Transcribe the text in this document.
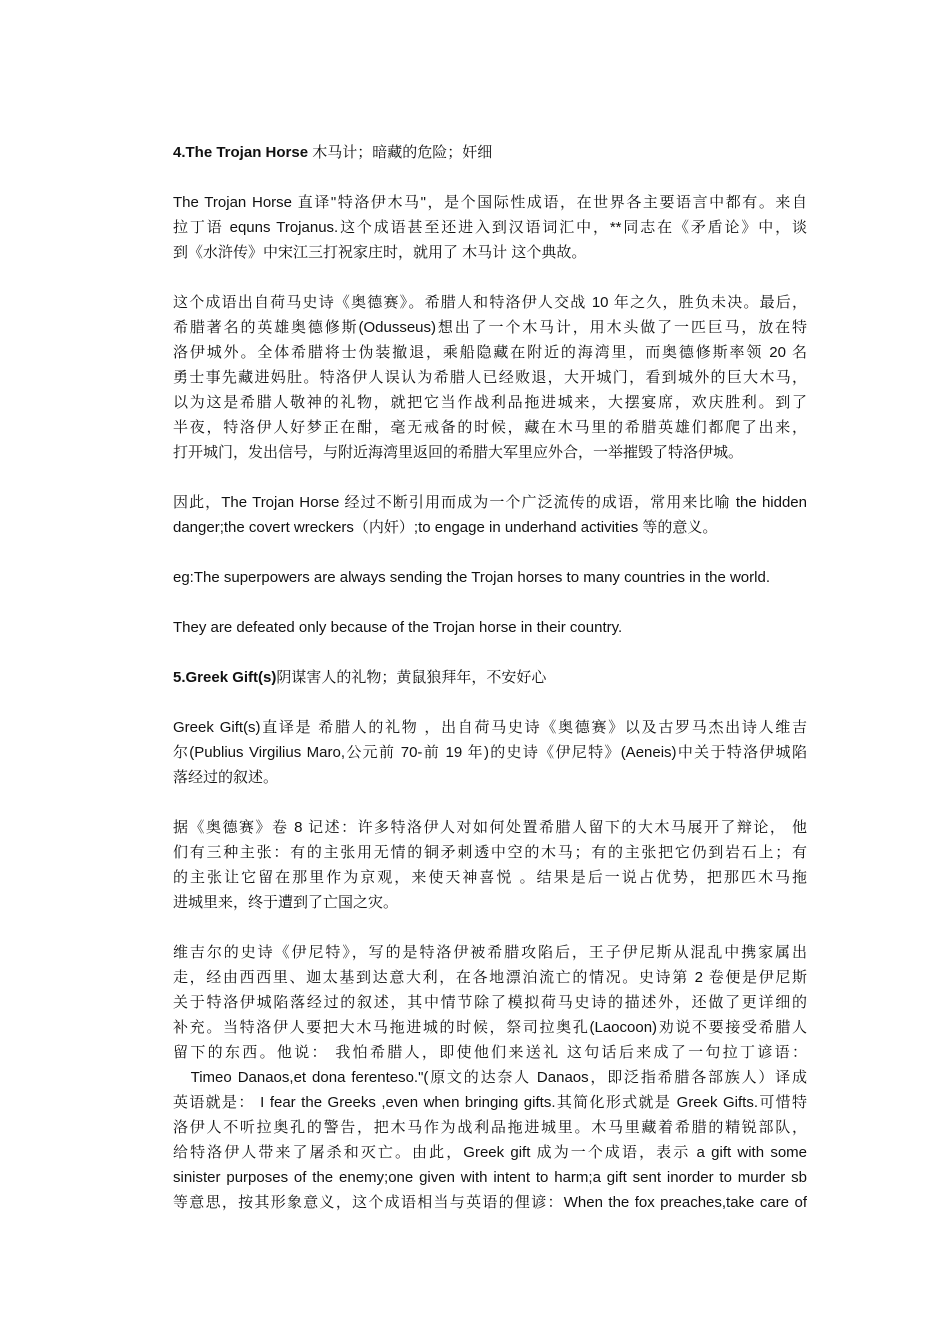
4.The Trojan Horse 木马计；暗藏的危险；奸细

The Trojan Horse 直译"特洛伊木马"，是个国际性成语，在世界各主要语言中都有。来自
拉丁语 equns Trojanus.这个成语甚至还进入到汉语词汇中，**同志在《矛盾论》中，谈
到《水浒传》中宋江三打祝家庄时，就用了 木马计 这个典故。
这个成语出自荷马史诗《奥德赛》。希腊人和特洛伊人交战 10 年之久，胜负未决。最后，
希腊著名的英雄奥德修斯(Odusseus)想出了一个木马计，用木头做了一匹巨马，放在特
洛伊城外。全体希腊将士伪装撤退，乘船隐藏在附近的海湾里，而奥德修斯率领 20 名
勇士事先藏进妈肚。特洛伊人误认为希腊人已经败退，大开城门，看到城外的巨大木马，
以为这是希腊人敬神的礼物，就把它当作战利品拖进城来，大摆宴席，欢庆胜利。到了
半夜，特洛伊人好梦正在酣，毫无戒备的时候，藏在木马里的希腊英雄们都爬了出来，
打开城门，发出信号，与附近海湾里返回的希腊大军里应外合，一举摧毁了特洛伊城。
因此，The Trojan Horse 经过不断引用而成为一个广泛流传的成语，常用来比喻 the hidden
danger;the covert wreckers（内奸）;to engage in underhand activities 等的意义。

eg:The superpowers are always sending the Trojan horses to many countries in the world.

They are defeated only because of the Trojan horse in their country.

5.Greek Gift(s)阴谋害人的礼物；黄鼠狼拜年，不安好心

Greek Gift(s)直译是 希腊人的礼物 ，出自荷马史诗《奥德赛》以及古罗马杰出诗人维吉
尔(Publius Virgilius Maro,公元前 70-前 19 年)的史诗《伊尼特》(Aeneis)中关于特洛伊城陷
落经过的叙述。
据《奥德赛》卷 8 记述：许多特洛伊人对如何处置希腊人留下的大木马展开了辩论， 他
们有三种主张：有的主张用无情的铜矛刺透中空的木马；有的主张把它仍到岩石上；有
的主张让它留在那里作为京观，来使天神喜悦 。结果是后一说占优势，把那匹木马拖
进城里来，终于遭到了亡国之灾。
维吉尔的史诗《伊尼特》，写的是特洛伊被希腊攻陷后，王子伊尼斯从混乱中携家属出
走，经由西西里、迦太基到达意大利，在各地漂泊流亡的情况。史诗第 2 卷便是伊尼斯
关于特洛伊城陷落经过的叙述，其中情节除了模拟荷马史诗的描述外，还做了更详细的
补充。当特洛伊人要把大木马拖进城的时候，祭司拉奥孔(Laocoon)劝说不要接受希腊人
留下的东西。他说： 我怕希腊人，即使他们来送礼 这句话后来成了一句拉丁谚语：
Timeo Danaos,et dona ferenteso."(原文的达奈人 Danaos，即泛指希腊各部族人）译成
英语就是： I fear the Greeks ,even when bringing gifts.其简化形式就是 Greek Gifts.可惜特
洛伊人不听拉奥孔的警告，把木马作为战利品拖进城里。木马里藏着希腊的精锐部队，
给特洛伊人带来了屠杀和灭亡。由此，Greek gift 成为一个成语，表示 a gift with some
sinister purposes of the enemy;one given with intent to harm;a gift sent inorder to murder sb
等意思，按其形象意义，这个成语相当与英语的俚谚：When the fox preaches,take care of
